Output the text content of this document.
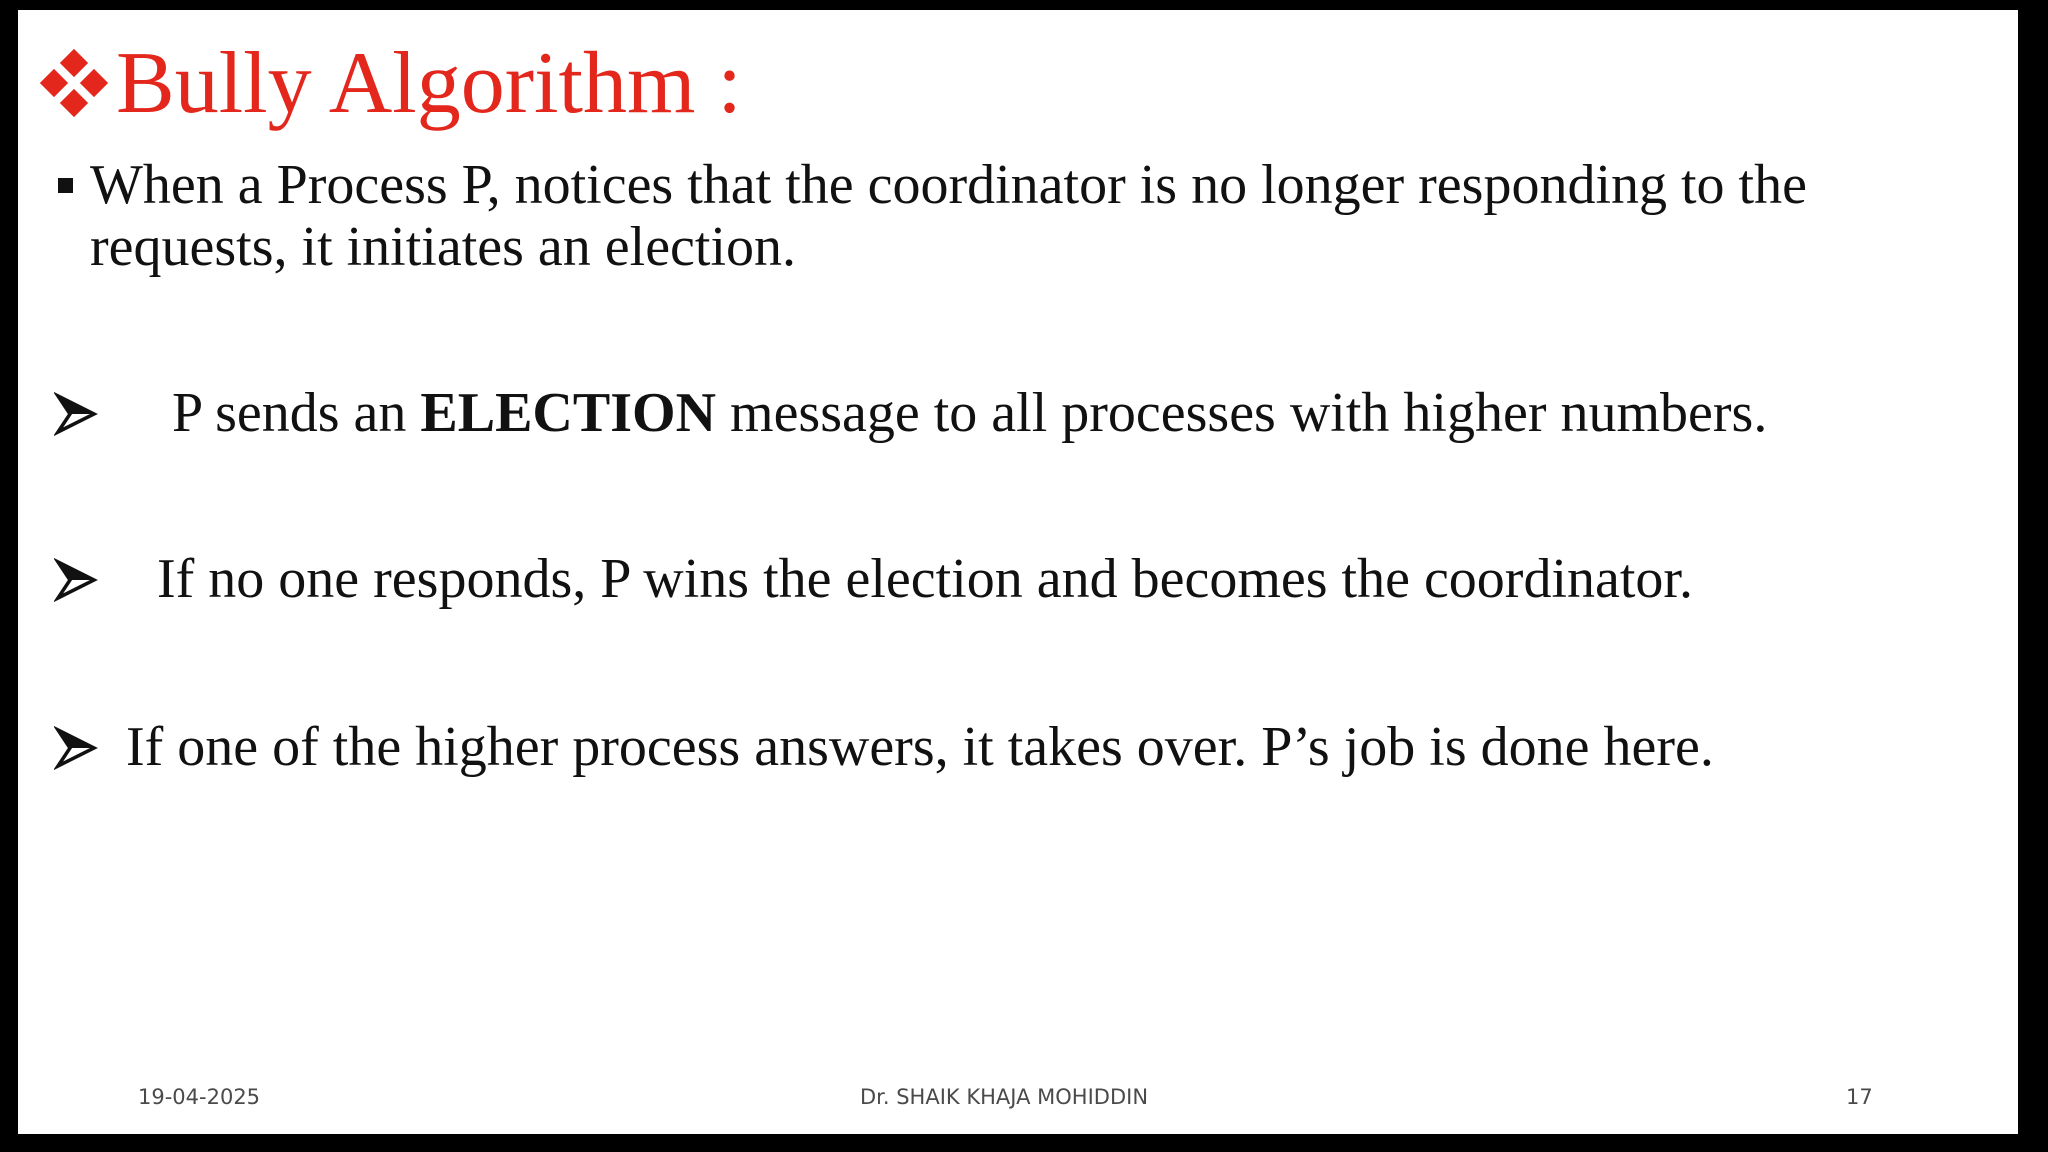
Bully Algorithm :
When a Process P, notices that the coordinator is no longer responding to the requests, it initiates an election.
P sends an ELECTION message to all processes with higher numbers.
If no one responds, P wins the election and becomes the coordinator.
If one of the higher process answers, it takes over. P’s job is done here.
19-04-2025	Dr. SHAIK KHAJA MOHIDDIN	17
